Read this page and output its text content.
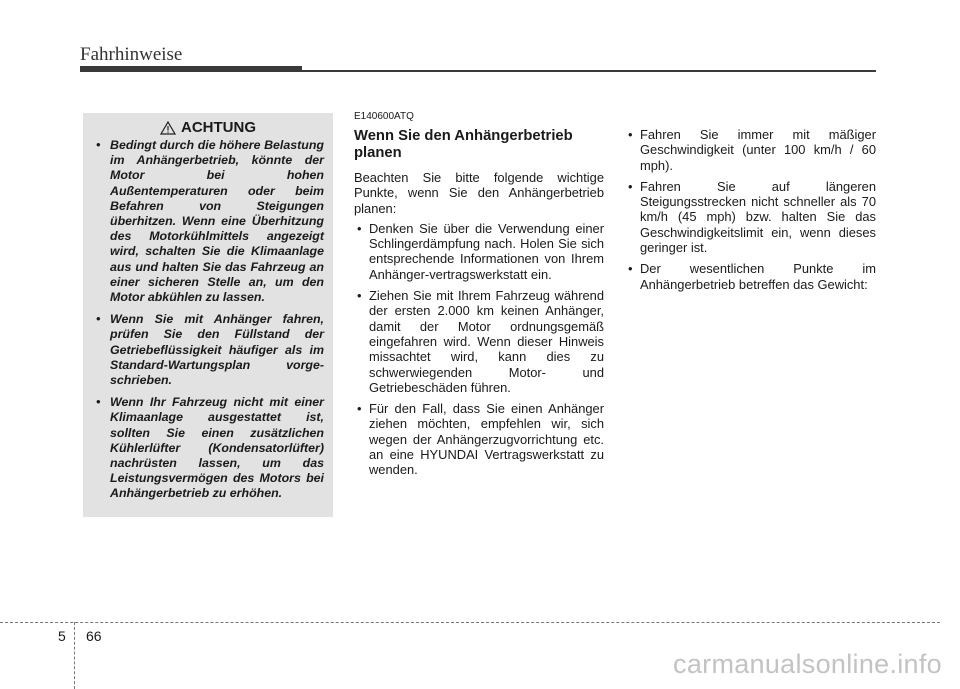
Fahrhinweise
ACHTUNG
• Bedingt durch die höhere Belastung im Anhängerbetrieb, könnte der Motor bei hohen Außentemperaturen oder beim Befahren von Steigungen überhitzen. Wenn eine Überhitzung des Motorkühlmittels angezeigt wird, schalten Sie die Klimaanlage aus und halten Sie das Fahrzeug an einer sicheren Stelle an, um den Motor abkühlen zu lassen.
• Wenn Sie mit Anhänger fahren, prüfen Sie den Füllstand der Getriebeflüssigkeit häufiger als im Standard-Wartungsplan vorge-schrieben.
• Wenn Ihr Fahrzeug nicht mit einer Klimaanlage ausgestattet ist, sollten Sie einen zusätzlichen Kühlerlüfter (Kondensatorlüfter) nachrüsten lassen, um das Leistungsvermögen des Motors bei Anhängerbetrieb zu erhöhen.
E140600ATQ
Wenn Sie den Anhängerbetrieb planen
Beachten Sie bitte folgende wichtige Punkte, wenn Sie den Anhängerbetrieb planen:
• Denken Sie über die Verwendung einer Schlingerdämpfung nach. Holen Sie sich entsprechende Informationen von Ihrem Anhänger-vertragswerkstatt ein.
• Ziehen Sie mit Ihrem Fahrzeug während der ersten 2.000 km keinen Anhänger, damit der Motor ordnungsgemäß eingefahren wird. Wenn dieser Hinweis missachtet wird, kann dies zu schwerwiegenden Motor- und Getriebeschäden führen.
• Für den Fall, dass Sie einen Anhänger ziehen möchten, empfehlen wir, sich wegen der Anhängerzugvorrichtung etc. an eine HYUNDAI Vertragswerkstatt zu wenden.
• Fahren Sie immer mit mäßiger Geschwindigkeit (unter 100 km/h / 60 mph).
• Fahren Sie auf längeren Steigungsstrecken nicht schneller als 70 km/h (45 mph) bzw. halten Sie das Geschwindigkeitslimit ein, wenn dieses geringer ist.
• Der wesentlichen Punkte im Anhängerbetrieb betreffen das Gewicht:
5 66
carmanualsonline.info
